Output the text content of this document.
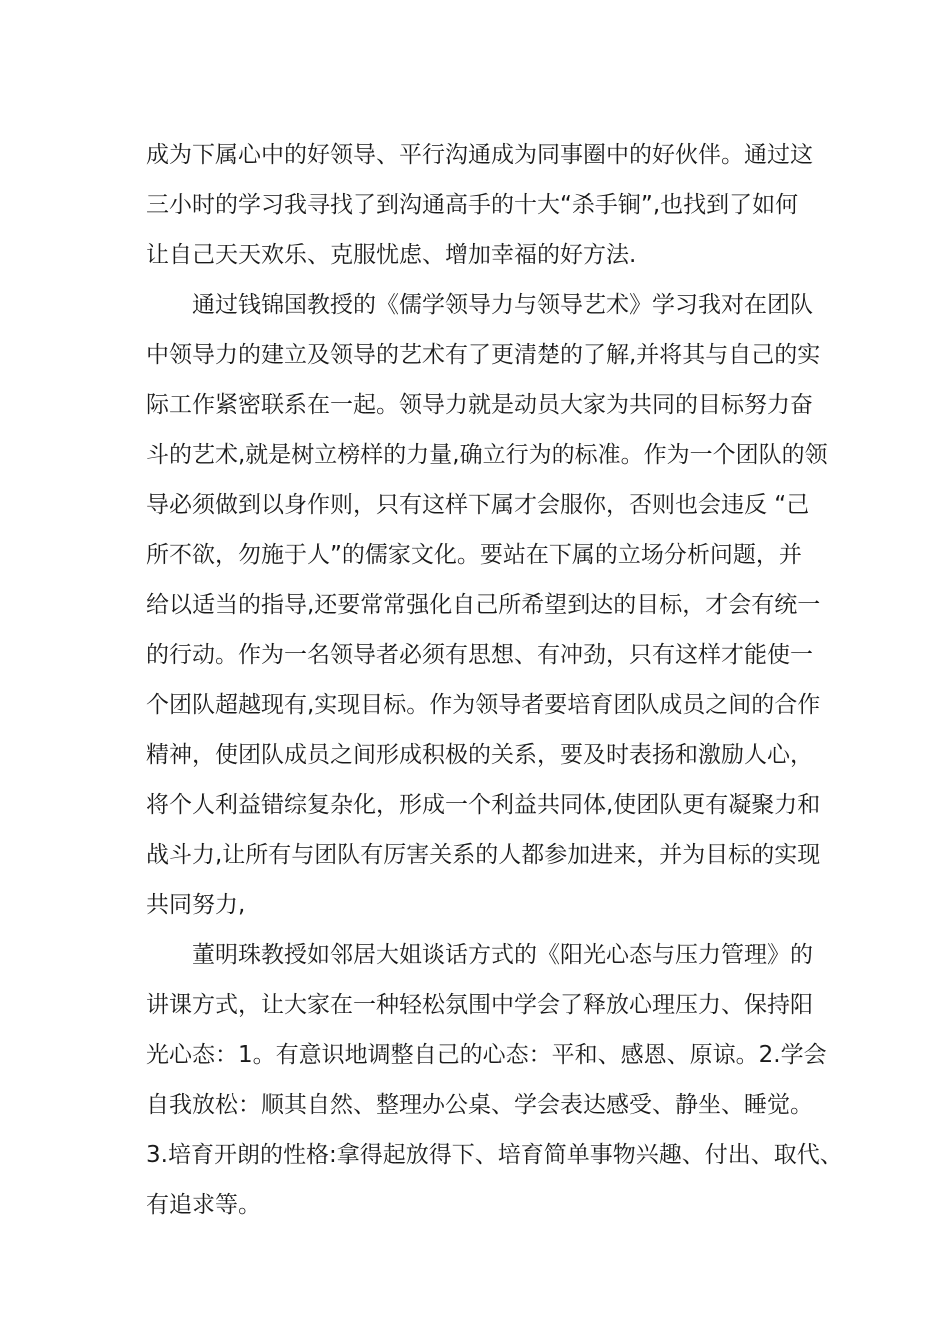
成为下属心中的好领导、平行沟通成为同事圈中的好伙伴。通过这
三小时的学习我寻找了到沟通高手的十大“杀手锏”,也找到了如何
让自己天天欢乐、克服忧虑、增加幸福的好方法.
通过钱锦国教授的《儒学领导力与领导艺术》学习我对在团队
中领导力的建立及领导的艺术有了更清楚的了解,并将其与自己的实
际工作紧密联系在一起。领导力就是动员大家为共同的目标努力奋
斗的艺术,就是树立榜样的力量,确立行为的标准。作为一个团队的领
导必须做到以身作则，只有这样下属才会服你，否则也会违反 “己
所不欲，勿施于人”的儒家文化。要站在下属的立场分析问题，并
给以适当的指导,还要常常强化自己所希望到达的目标，才会有统一
的行动。作为一名领导者必须有思想、有冲劲，只有这样才能使一
个团队超越现有,实现目标。作为领导者要培育团队成员之间的合作
精神，使团队成员之间形成积极的关系，要及时表扬和激励人心，
将个人利益错综复杂化，形成一个利益共同体,使团队更有凝聚力和
战斗力,让所有与团队有厉害关系的人都参加进来，并为目标的实现
共同努力,
董明珠教授如邻居大姐谈话方式的《阳光心态与压力管理》的
讲课方式，让大家在一种轻松氛围中学会了释放心理压力、保持阳
光心态：1。有意识地调整自己的心态：平和、感恩、原谅。2.学会
自我放松：顺其自然、整理办公桌、学会表达感受、静坐、睡觉。
3.培育开朗的性格:拿得起放得下、培育简单事物兴趣、付出、取代、
有追求等。
